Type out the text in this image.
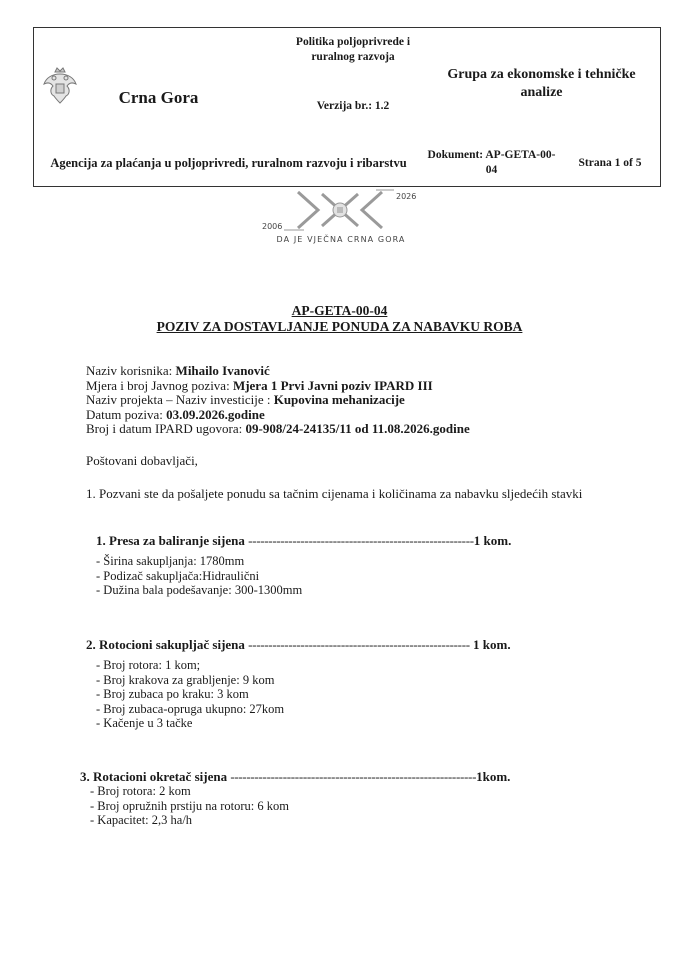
Crna Gora
Politika poljoprivrede i ruralnog razvoja
Verzija br.: 1.2
Grupa za ekonomske i tehničke analize
Agencija za plaćanja u poljoprivredi, ruralnom razvoju i ribarstvu
Dokument: AP-GETA-00-04
Strana 1 of 5
2006
2026
DA JE VJEČNA CRNA GORA
AP-GETA-00-04
POZIV ZA DOSTAVLJANJE PONUDA ZA NABAVKU ROBA
Naziv korisnika: Mihailo Ivanović
Mjera i broj Javnog poziva: Mjera 1 Prvi Javni poziv IPARD III
Naziv projekta – Naziv investicije : Kupovina mehanizacije
Datum poziva: 03.09.2026.godine
Broj i datum IPARD ugovora: 09-908/24-24135/11 od 11.08.2026.godine
Poštovani dobavljači,
1. Pozvani ste da pošaljete ponudu sa tačnim cijenama i količinama za nabavku sljedećih stavki
1. Presa za baliranje sijena --------------------------------------------------------1 kom.
- Širina sakupljanja: 1780mm
- Podizač sakupljača:Hidraulični
- Dužina bala podešavanje: 300-1300mm
2. Rotocioni sakupljač sijena ------------------------------------------------------- 1 kom.
- Broj rotora: 1 kom;
- Broj krakova za grabljenje: 9 kom
- Broj zubaca po kraku: 3 kom
- Broj zubaca-opruga ukupno: 27kom
- Kačenje u 3 tačke
3. Rotacioni okretač sijena -------------------------------------------------------------1kom.
- Broj rotora: 2 kom
- Broj opružnih prstiju na rotoru: 6 kom
- Kapacitet: 2,3 ha/h
